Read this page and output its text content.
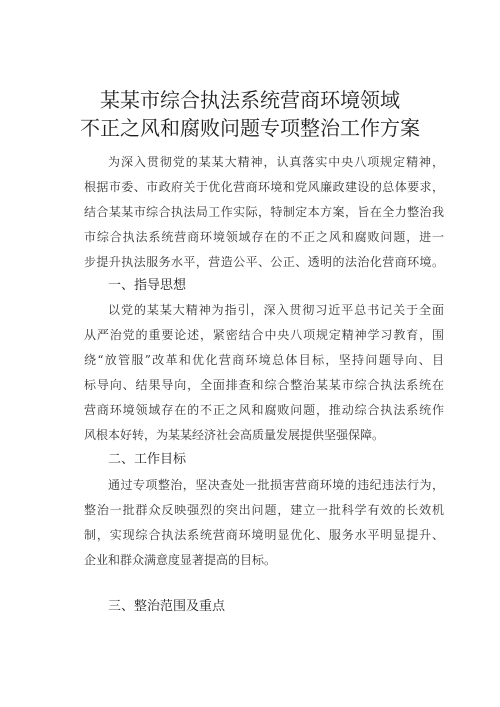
某某市综合执法系统营商环境领域
不正之风和腐败问题专项整治工作方案
为深入贯彻党的某某大精神，认真落实中央八项规定精神，
根据市委、市政府关于优化营商环境和党风廉政建设的总体要求，
结合某某市综合执法局工作实际，特制定本方案，旨在全力整治我
市综合执法系统营商环境领域存在的不正之风和腐败问题，进一
步提升执法服务水平，营造公平、公正、透明的法治化营商环境。
一、指导思想
以党的某某大精神为指引，深入贯彻习近平总书记关于全面
从严治党的重要论述，紧密结合中央八项规定精神学习教育，围
绕“放管服”改革和优化营商环境总体目标，坚持问题导向、目
标导向、结果导向，全面排查和综合整治某某市综合执法系统在
营商环境领域存在的不正之风和腐败问题，推动综合执法系统作
风根本好转，为某某经济社会高质量发展提供坚强保障。
二、工作目标
通过专项整治，坚决查处一批损害营商环境的违纪违法行为，
整治一批群众反映强烈的突出问题，建立一批科学有效的长效机
制，实现综合执法系统营商环境明显优化、服务水平明显提升、
企业和群众满意度显著提高的目标。
三、整治范围及重点
